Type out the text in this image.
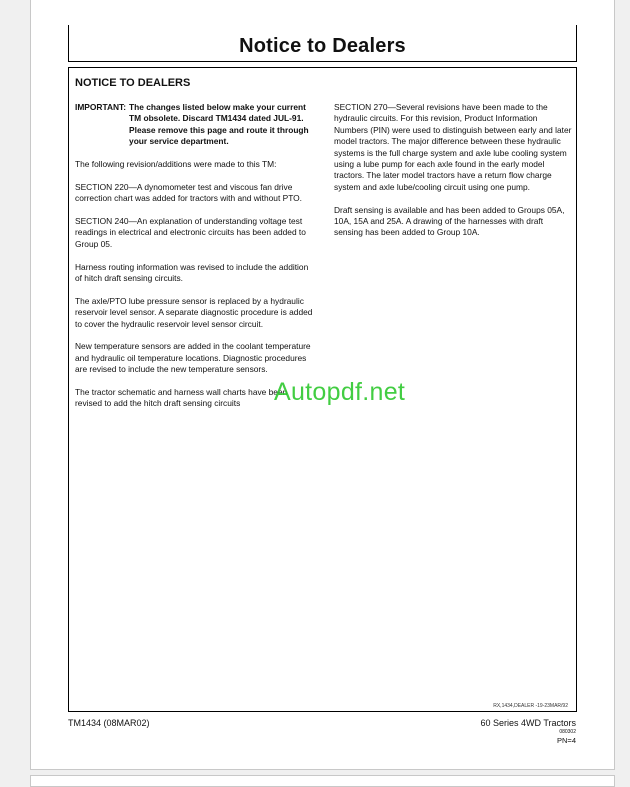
Notice to Dealers
NOTICE TO DEALERS
IMPORTANT: The changes listed below make your current TM obsolete. Discard TM1434 dated JUL-91. Please remove this page and route it through your service department.

The following revision/additions were made to this TM:

SECTION 220—A dynomometer test and viscous fan drive correction chart was added for tractors with and without PTO.

SECTION 240—An explanation of understanding voltage test readings in electrical and electronic circuits has been added to Group 05.

Harness routing information was revised to include the addition of hitch draft sensing circuits.

The axle/PTO lube pressure sensor is replaced by a hydraulic reservoir level sensor. A separate diagnostic procedure is added to cover the hydraulic reservoir level sensor circuit.

New temperature sensors are added in the coolant temperature and hydraulic oil temperature locations. Diagnostic procedures are revised to include the new temperature sensors.

The tractor schematic and harness wall charts have been revised to add the hitch draft sensing circuits

SECTION 270—Several revisions have been made to the hydraulic circuits. For this revision, Product Information Numbers (PIN) were used to distinguish between early and later model tractors. The major difference between these hydraulic systems is the full charge system and axle lube cooling system using a lube pump for each axle found in the early model tractors. The later model tractors have a return flow charge system and axle lube/cooling circuit using one pump.

Draft sensing is available and has been added to Groups 05A, 10A, 15A and 25A. A drawing of the harnesses with draft sensing has been added to Group 10A.

Autopdf.net
RX,1434,DEALER -19-23MAR/92
TM1434 (08MAR02)	60 Series 4WD Tractors
080302
PN=4
